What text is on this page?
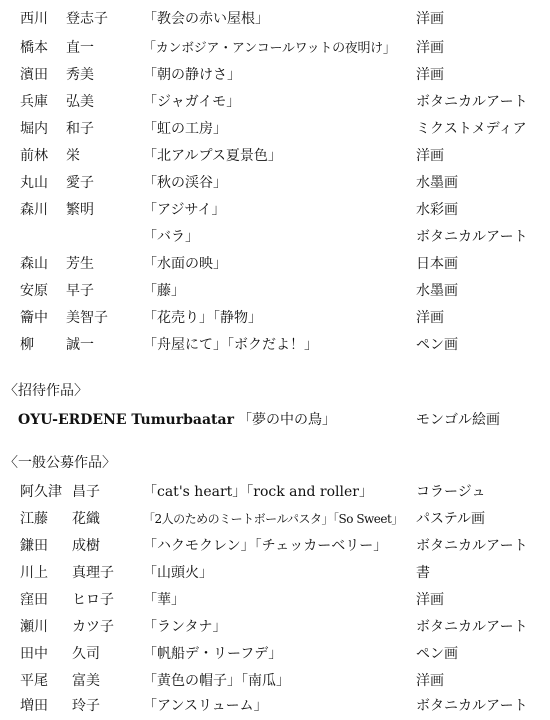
西川 登志子	「教会の赤い屋根」	洋画
橋本 直一	「カンボジア・アンコールワットの夜明け」 洋画
濱田 秀美	「朝の静けさ」	洋画
兵庫 弘美	「ジャガイモ」	ボタニカルアート
堀内 和子	「虹の工房」	ミクストメディア
前林 栄	「北アルプス夏景色」	洋画
丸山 愛子	「秋の渓谷」	水墨画
森川 繁明	「アジサイ」	水彩画
「バラ」	ボタニカルアート
森山 芳生	「水面の映」	日本画
安原 早子	「藤」	水墨画
籥中 美智子	「花売り」「静物」	洋画
柳 誠一	「舟屋にて」「ボクだよ！」	ペン画
〈招待作品〉
OYU-ERDENE Tumurbaatar 「夢の中の鳥」	モンゴル絵画
〈一般公募作品〉
阿久津 昌子	「cat's heart」「rock and roller」	コラージュ
江藤 花織	「2人のためのミートボールパスタ」「So Sweet」 パステル画
鎌田 成樹	「ハクモクレン」「チェッカーベリー」 ボタニカルアート
川上 真理子 「山頭火」	書
窪田 ヒロ子 「華」	洋画
瀬川 カツ子 「ランタナ」	ボタニカルアート
田中 久司	「帆船デ・リーフデ」	ペン画
平尾 富美	「黄色の帽子」「南瓜」	洋画
増田 玲子	「アンスリューム」	ボタニカルアート
